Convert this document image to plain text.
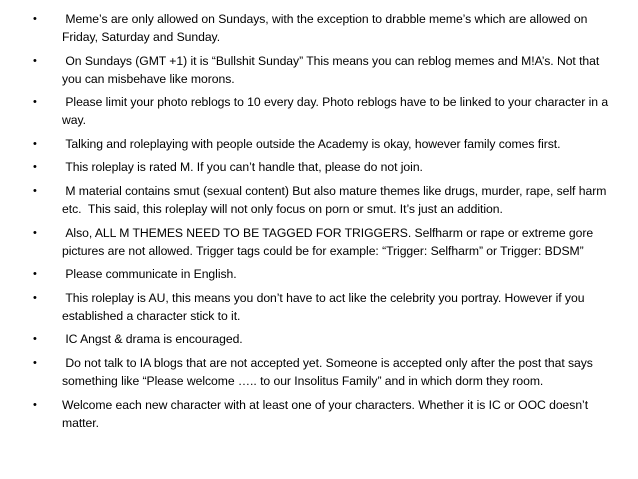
• Meme’s are only allowed on Sundays, with the exception to drabble meme’s which are allowed on Friday, Saturday and Sunday.
• On Sundays (GMT +1) it is “Bullshit Sunday” This means you can reblog memes and M!A’s. Not that you can misbehave like morons.
• Please limit your photo reblogs to 10 every day. Photo reblogs have to be linked to your character in a way.
• Talking and roleplaying with people outside the Academy is okay, however family comes first.
• This roleplay is rated M. If you can’t handle that, please do not join.
• M material contains smut (sexual content) But also mature themes like drugs, murder, rape, self harm etc.  This said, this roleplay will not only focus on porn or smut. It’s just an addition.
• Also, ALL M THEMES NEED TO BE TAGGED FOR TRIGGERS. Selfharm or rape or extreme gore pictures are not allowed. Trigger tags could be for example: “Trigger: Selfharm” or Trigger: BDSM”
• Please communicate in English.
• This roleplay is AU, this means you don’t have to act like the celebrity you portray. However if you established a character stick to it.
• IC Angst & drama is encouraged.
• Do not talk to IA blogs that are not accepted yet. Someone is accepted only after the post that says something like “Please welcome ….. to our Insolitus Family” and in which dorm they room.
• Welcome each new character with at least one of your characters. Whether it is IC or OOC doesn’t matter.
